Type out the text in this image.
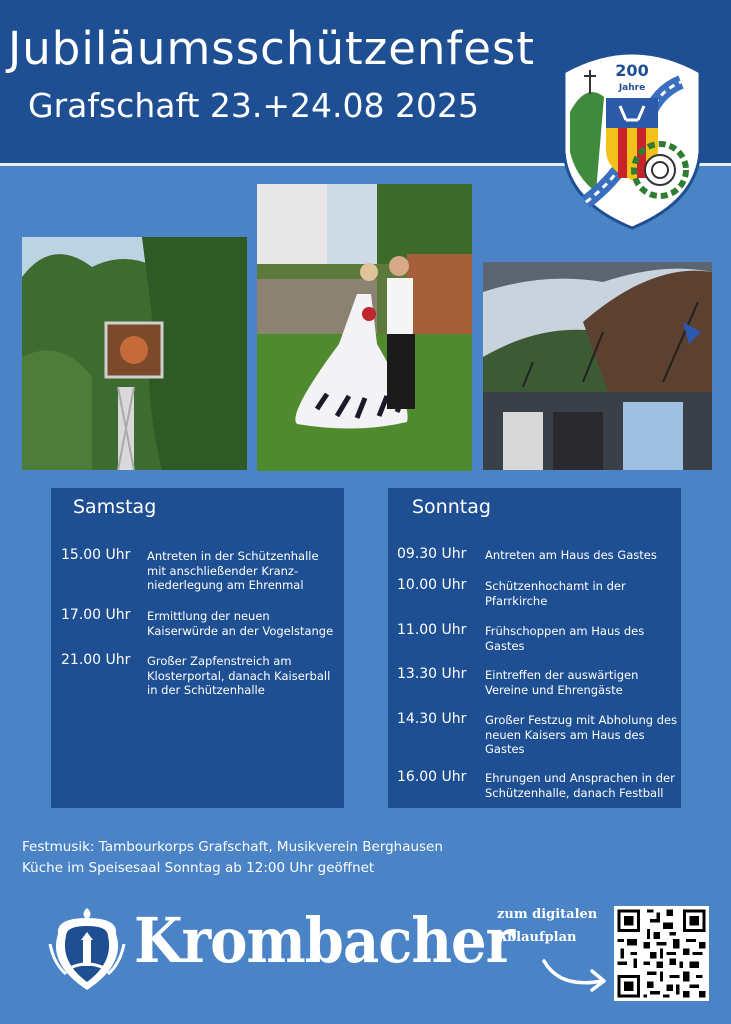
Jubiläumsschützenfest
Grafschaft 23.+24.08 2025
200
Jahre
Samstag
15.00 Uhr Antreten in der Schützenhalle mit anschließender Kranz-niederlegung am Ehrenmal
17.00 Uhr Ermittlung der neuen Kaiserwürde an der Vogelstange
21.00 Uhr Großer Zapfenstreich am Klosterportal, danach Kaiserball in der Schützenhalle
Sonntag
09.30 Uhr Antreten am Haus des Gastes
10.00 Uhr Schützenhochamt in der Pfarrkirche
11.00 Uhr Frühschoppen am Haus des Gastes
13.30 Uhr Eintreffen der auswärtigen Vereine und Ehrengäste
14.30 Uhr Großer Festzug mit Abholung des neuen Kaisers am Haus des Gastes
16.00 Uhr Ehrungen und Ansprachen in der Schützenhalle, danach Festball
Festmusik: Tambourkorps Grafschaft, Musikverein Berghausen
Küche im Speisesaal Sonntag ab 12:00 Uhr geöffnet
Krombacher
zum digitalen
Ablaufplan
